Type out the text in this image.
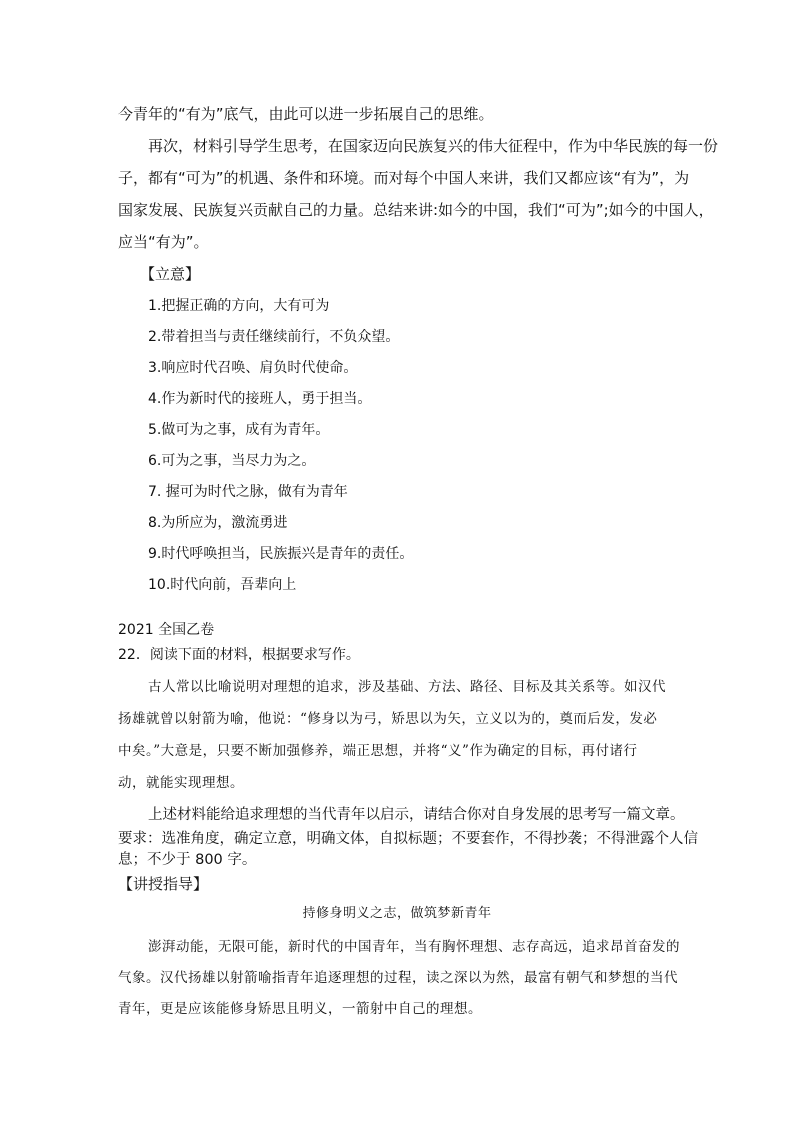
今青年的“有为”底气，由此可以进一步拓展自己的思维。
再次，材料引导学生思考，在国家迈向民族复兴的伟大征程中，作为中华民族的每一份
子，都有“可为”的机遇、条件和环境。而对每个中国人来讲，我们又都应该“有为”，为
国家发展、民族复兴贡献自己的力量。总结来讲:如今的中国，我们“可为”;如今的中国人，
应当“有为”。
【立意】
1.把握正确的方向，大有可为
2.带着担当与责任继续前行，不负众望。
3.响应时代召唤、肩负时代使命。
4.作为新时代的接班人，勇于担当。
5.做可为之事，成有为青年。
6.可为之事，当尽力为之。
7. 握可为时代之脉，做有为青年
8.为所应为，激流勇进
9.时代呼唤担当，民族振兴是青年的责任。
10.时代向前，吾辈向上
2021 全国乙卷
22．阅读下面的材料，根据要求写作。
古人常以比喻说明对理想的追求，涉及基础、方法、路径、目标及其关系等。如汉代
扬雄就曾以射箭为喻，他说：“修身以为弓，矫思以为矢，立义以为的，奠而后发，发必
中矣。”大意是，只要不断加强修养，端正思想，并将“义”作为确定的目标，再付诸行
动，就能实现理想。
上述材料能给追求理想的当代青年以启示，请结合你对自身发展的思考写一篇文章。
要求：选准角度，确定立意，明确文体，自拟标题；不要套作，不得抄袭；不得泄露个人信
息；不少于 800 字。
【讲授指导】
持修身明义之志，做筑梦新青年
澎湃动能，无限可能，新时代的中国青年，当有胸怀理想、志存高远，追求昂首奋发的
气象。汉代扬雄以射箭喻指青年追逐理想的过程，读之深以为然，最富有朝气和梦想的当代
青年，更是应该能修身矫思且明义，一箭射中自己的理想。
